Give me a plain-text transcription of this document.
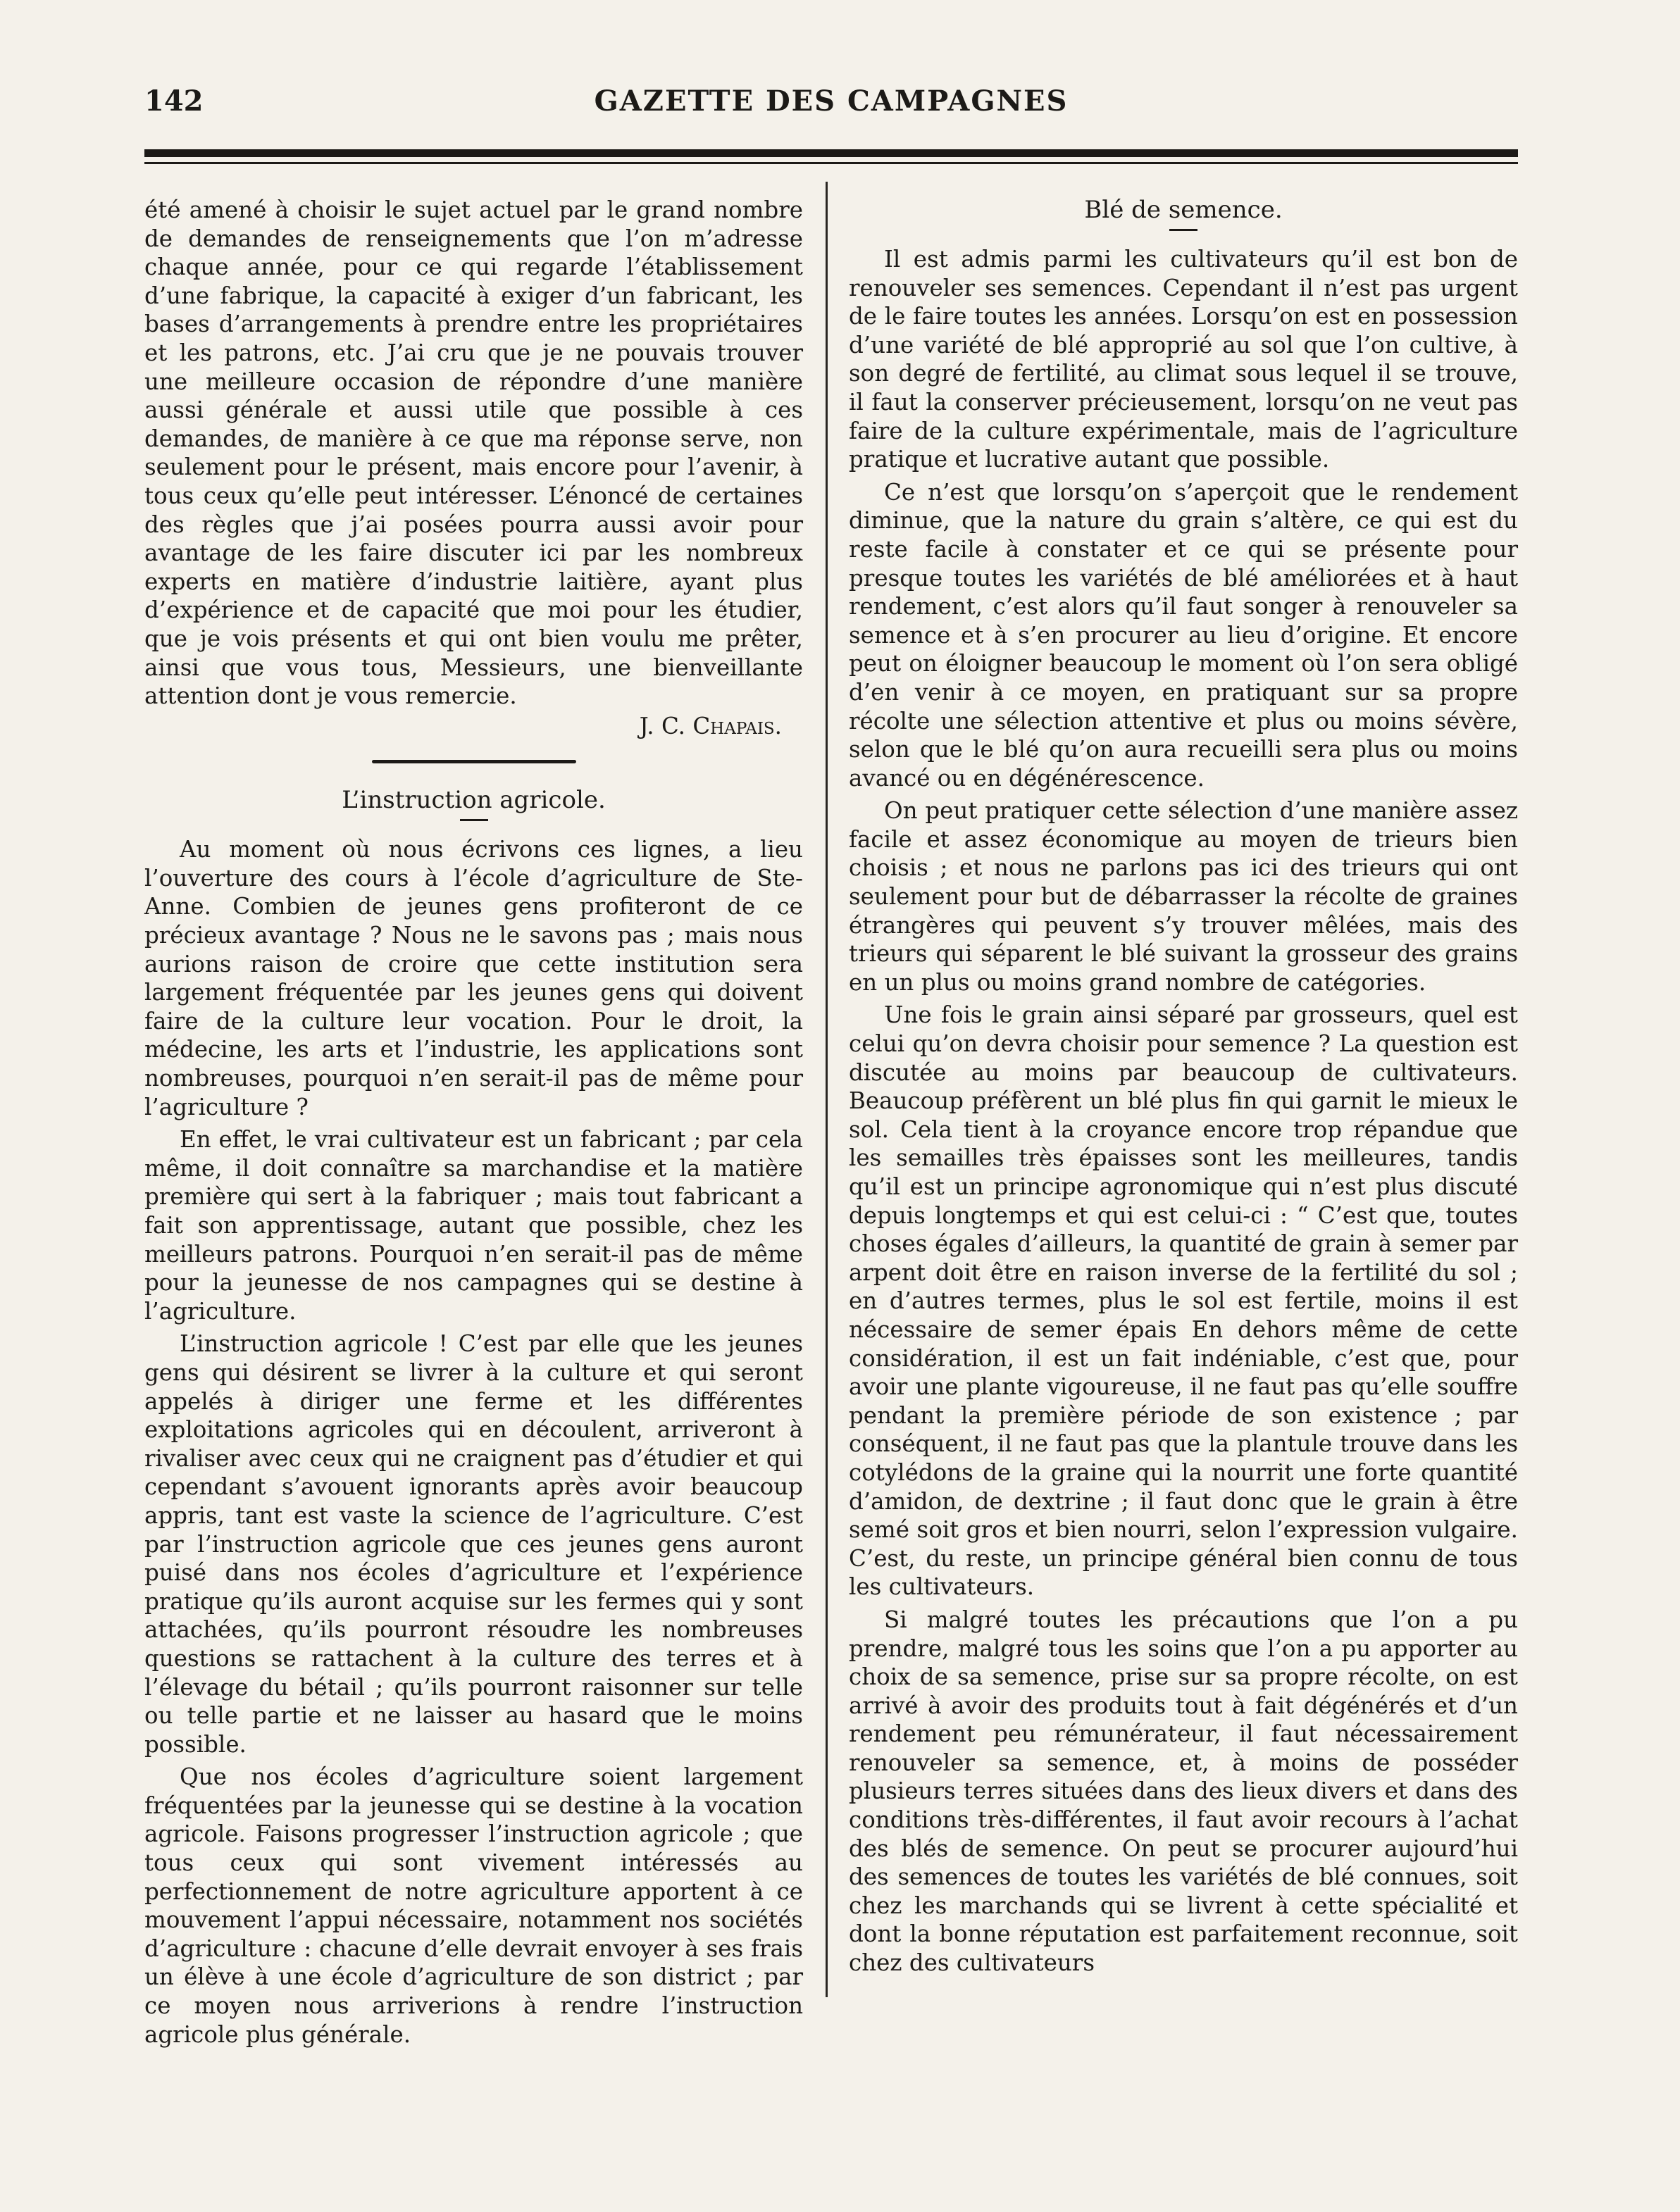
142	GAZETTE DES CAMPAGNES

été amené à choisir le sujet actuel par le grand nombre de demandes de renseignements que l’on m’adresse chaque année, pour ce qui regarde l’établissement d’une fabrique, la capacité à exiger d’un fabricant, les bases d’arrangements à prendre entre les propriétaires et les patrons, etc. J’ai cru que je ne pouvais trouver une meilleure occasion de répondre d’une manière aussi générale et aussi utile que possible à ces demandes, de manière à ce que ma réponse serve, non seulement pour le présent, mais encore pour l’avenir, à tous ceux qu’elle peut intéresser. L’énoncé de certaines des règles que j’ai posées pourra aussi avoir pour avantage de les faire discuter ici par les nombreux experts en matière d’industrie laitière, ayant plus d’expérience et de capacité que moi pour les étudier, que je vois présents et qui ont bien voulu me prêter, ainsi que vous tous, Messieurs, une bienveillante attention dont je vous remercie.

J. C. Chapais.

L’instruction agricole.

Au moment où nous écrivons ces lignes, a lieu l’ouverture des cours à l’école d’agriculture de Ste-Anne. Combien de jeunes gens profiteront de ce précieux avantage ? Nous ne le savons pas ; mais nous aurions raison de croire que cette institution sera largement fréquentée par les jeunes gens qui doivent faire de la culture leur vocation. Pour le droit, la médecine, les arts et l’industrie, les applications sont nombreuses, pourquoi n’en serait-il pas de même pour l’agriculture ?

En effet, le vrai cultivateur est un fabricant ; par cela même, il doit connaître sa marchandise et la matière première qui sert à la fabriquer ; mais tout fabricant a fait son apprentissage, autant que possible, chez les meilleurs patrons. Pourquoi n’en serait-il pas de même pour la jeunesse de nos campagnes qui se destine à l’agriculture.

L’instruction agricole ! C’est par elle que les jeunes gens qui désirent se livrer à la culture et qui seront appelés à diriger une ferme et les différentes exploitations agricoles qui en découlent, arriveront à rivaliser avec ceux qui ne craignent pas d’étudier et qui cependant s’avouent ignorants après avoir beaucoup appris, tant est vaste la science de l’agriculture. C’est par l’instruction agricole que ces jeunes gens auront puisé dans nos écoles d’agriculture et l’expérience pratique qu’ils auront acquise sur les fermes qui y sont attachées, qu’ils pourront résoudre les nombreuses questions se rattachent à la culture des terres et à l’élevage du bétail ; qu’ils pourront raisonner sur telle ou telle partie et ne laisser au hasard que le moins possible.

Que nos écoles d’agriculture soient largement fréquentées par la jeunesse qui se destine à la vocation agricole. Faisons progresser l’instruction agricole ; que tous ceux qui sont vivement intéressés au perfectionnement de notre agriculture apportent à ce mouvement l’appui nécessaire, notamment nos sociétés d’agriculture : chacune d’elle devrait envoyer à ses frais un élève à une école d’agriculture de son district ; par ce moyen nous arriverions à rendre l’instruction agricole plus générale.

Blé de semence.

Il est admis parmi les cultivateurs qu’il est bon de renouveler ses semences. Cependant il n’est pas urgent de le faire toutes les années. Lorsqu’on est en possession d’une variété de blé approprié au sol que l’on cultive, à son degré de fertilité, au climat sous lequel il se trouve, il faut la conserver précieusement, lorsqu’on ne veut pas faire de la culture expérimentale, mais de l’agriculture pratique et lucrative autant que possible.

Ce n’est que lorsqu’on s’aperçoit que le rendement diminue, que la nature du grain s’altère, ce qui est du reste facile à constater et ce qui se présente pour presque toutes les variétés de blé améliorées et à haut rendement, c’est alors qu’il faut songer à renouveler sa semence et à s’en procurer au lieu d’origine. Et encore peut on éloigner beaucoup le moment où l’on sera obligé d’en venir à ce moyen, en pratiquant sur sa propre récolte une sélection attentive et plus ou moins sévère, selon que le blé qu’on aura recueilli sera plus ou moins avancé ou en dégénérescence.

On peut pratiquer cette sélection d’une manière assez facile et assez économique au moyen de trieurs bien choisis ; et nous ne parlons pas ici des trieurs qui ont seulement pour but de débarrasser la récolte de graines étrangères qui peuvent s’y trouver mêlées, mais des trieurs qui séparent le blé suivant la grosseur des grains en un plus ou moins grand nombre de catégories.

Une fois le grain ainsi séparé par grosseurs, quel est celui qu’on devra choisir pour semence ? La question est discutée au moins par beaucoup de cultivateurs. Beaucoup préfèrent un blé plus fin qui garnit le mieux le sol. Cela tient à la croyance encore trop répandue que les semailles très épaisses sont les meilleures, tandis qu’il est un principe agronomique qui n’est plus discuté depuis longtemps et qui est celui-ci : “ C’est que, toutes choses égales d’ailleurs, la quantité de grain à semer par arpent doit être en raison inverse de la fertilité du sol ; en d’autres termes, plus le sol est fertile, moins il est nécessaire de semer épais En dehors même de cette considération, il est un fait indéniable, c’est que, pour avoir une plante vigoureuse, il ne faut pas qu’elle souffre pendant la première période de son existence ; par conséquent, il ne faut pas que la plantule trouve dans les cotylédons de la graine qui la nourrit une forte quantité d’amidon, de dextrine ; il faut donc que le grain à être semé soit gros et bien nourri, selon l’expression vulgaire. C’est, du reste, un principe général bien connu de tous les cultivateurs.

Si malgré toutes les précautions que l’on a pu prendre, malgré tous les soins que l’on a pu apporter au choix de sa semence, prise sur sa propre récolte, on est arrivé à avoir des produits tout à fait dégénérés et d’un rendement peu rémunérateur, il faut nécessairement renouveler sa semence, et, à moins de posséder plusieurs terres situées dans des lieux divers et dans des conditions très-différentes, il faut avoir recours à l’achat des blés de semence. On peut se procurer aujourd’hui des semences de toutes les variétés de blé connues, soit chez les marchands qui se livrent à cette spécialité et dont la bonne réputation est parfaitement reconnue, soit chez des cultivateurs
